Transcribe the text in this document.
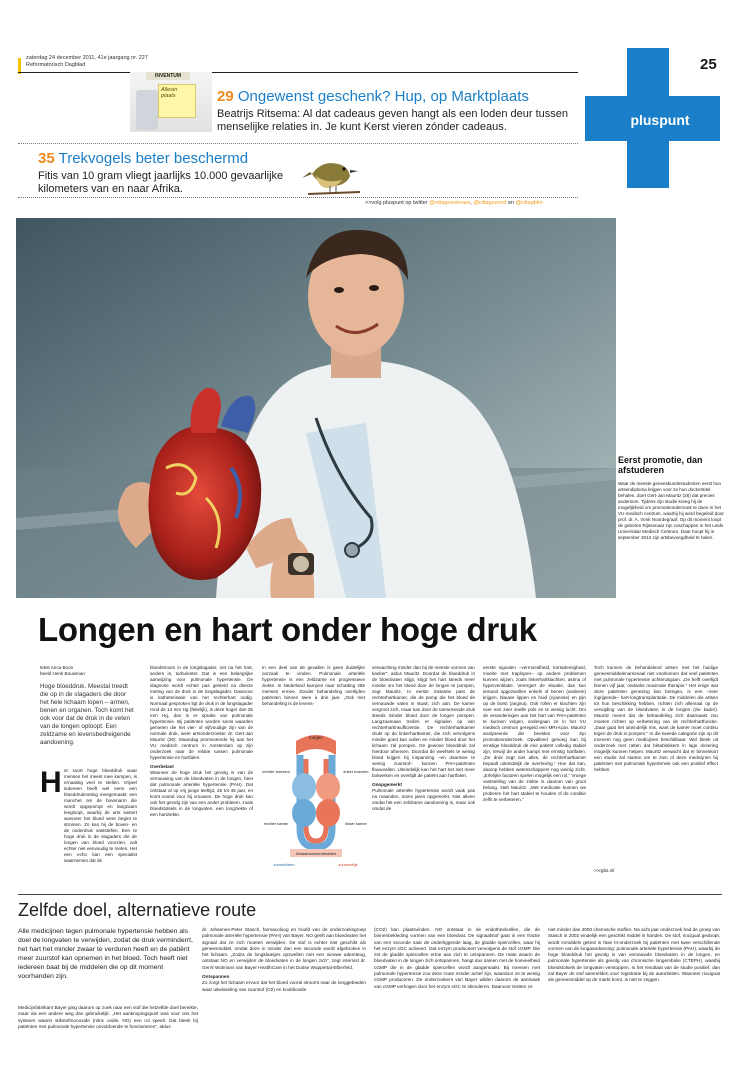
zaterdag 24 december 2011, 41e jaargang nr. 227
Reformatorisch Dagblad	25
pluspunt
INVENTUM
Allesin plaats	29 Ongewenst geschenk? Hup, op Marktplaats
Beatrijs Ritsema: Al dat cadeaus geven hangt als een loden deur tussen menselijke relaties in. Je kunt Kerst vieren zónder cadeaus.
35 Trekvogels beter beschermd
Fitis van 10 gram vliegt jaarlijks 10.000 gevaarlijke kilometers van en naar Afrika.
>>volg pluspunt op twitter @rdtagesnieuws, @rdtagezond en @rdtagblm
Eerst promotie, dan afstuderen
Waar de meeste geneeskundestudenten eerst hun artsendiploma krijgen voor ze hun doctorstitel behalen, doet Gert-Jan Mauritz (26) dat precies andersom. Tijdens zijn studie kreeg hij de mogelijkheid om promotieonderzoek te doen in het VU medisch centrum, waarbij hij werd begeleid door prof. dr. A. Vonk Noordegraaf. Op dit moment loopt de geboren Rijssenaar zijn coschappen in het Leids Universitair Medisch Centrum. Daar hoopt hij in september 2012 zijn artsbevoegdheid te halen.
Longen en hart onder hoge druk
tekst Anca Boon
beeld Henk Bouwman
Hoge bloeddruk. Meestal treedt die op in de slagaders die door het hele lichaam lopen – armen, benen en organen. Toch komt het ook voor dat de druk in de veten van de longen oploopt. Een zeldzame en levensbedreigende aandoening.
H et soort hoge bloeddruk waar mensen het meest mee kampen, is ernaastig veel te stellen. Vrijwel iedereen heeft wel eens een bloeddrukmeting meegemaakt: een manchet om de bovenarm die wordt opgepompt en langzaam leegloopt, waarbij de arts luistert wanneer het bloed weer begint te stromen. Zo kan hij de boven- en de onderdruk vaststellen. Een te hoge druk in de slagaders die de longen van bloed voorzien, valt echter niet eenvoudig te meten. Het een echo kan een specialist waarnemen dat de
bloedstroom in de longslagader, net na het hart, anders is, turbulenter. Dat is een belangrijke aanwijzing voor pulmonale hypertensie. De diagnose wordt echter pas gesteld na directe meting van de druk in de longslagader. Daarvoor is katheterisatie van het rechterhart nodig. Normaal gesproken ligt de druk in de longslagader rond de 14 mm Hg (feitelijk), is deze hoger dan 25 mm Hg, dan is er sprake van pulmonale hypertensie. Bij patiënten worden soms waarden gemeten die het vier- of vijfvoudige zijn van de normale druk, weet artsonderzoeker dr. Gert-Jan Mauritz (26). Maandag promoveerde hij aan het VU medisch centrum in Amsterdam op zijn onderzoek naar de relatie tussen pulmonale hypertensie en hartfalen.
Overbelast
Wanneer de hoge druk het gevolg is van de vernauwing van de bloedvaten in de longen, heet dat pulmonale arteriële hypertensie (PAH). Dat ontstaat al op vrij jonge leeftijd, 25 tot 45 jaar, en komt vooral voor bij vrouwen. De hoge druk kan ook het gevolg zijn van een ander probleem, zoals bloedstolsels in de longvaten, een longziekte of een hartziekte.
In een deel van de gevallen is geen duidelijke oorzaak te vinden. Pulmonale arteriële hypertensie is een zeldzame en progressieve ziekte. In Nederland kampen naar schatting 255 mensen ermee. Zonder behandeling overlijden patiënten binnen twee à drie jaar. „Ook met behandeling is de levens-
longen
rechter boezem	linker boezem
rechter kamer	linker kamer
lichaamsvenenbedden
zuurstofarm	zuurstofrijk
verwachting minder dan bij de meeste vormen van kanker”, aldus Mauritz. Doordat de bloeddruk in de bloedvaten stijgt, krijgt het hart steeds meer moeite om het bloed door de longen te pompen, zegt Mauritz. In eerste instantie past de rechterhartkamer, die de pomp die het bloed de vernauwde vaten in stuwt, zich aan. De kamer vergroot zich, maar kan door de toenemende druk steeds minder bloed door de longen pompen. Langzaamaan treden er signalen op van rechterhartinsufficiëntie. De rechterhartkamer drukt op de linkerhartkamer, die zich vervolgens minder goed kan vullen en minder bloed door het lichaam zal pompen. De gewone bloeddruk zal hierdoor afnemen. Doordat de weefsels te weinig bloed krijgen bij inspanning –en daarmee te weinig zuurstof– kunnen PAH-patiënten flauwvallen. Uiteindelijk kan het hart het niet meer bolwerken en overlijdt de patiënt aan hartfalen.
Onopgemerkt
Pulmonale arteriële hypertensie wordt vaak pas na maanden, soms jaren opgemerkt. Niet alleen omdat het een zeldzame aandoening is, maar ook omdat de
eerste signalen –vermoeidheid, kortademigheid, moeite met traplopen– op andere problemen kunnen wijzen, zoals linkerhartklachten, astma of hyperventilatie. Verergert de situatie, dan kan iemand opgezwollen enkels of benen (oedeem) krijgen, blauwe lippen en huid (cyanose) en pijn op de borst (angina). Ook rollen er klachten zijn over een zeer snelle pols en te weinig lucht. Om de veranderingen aan het hart van PAH-patiënten te kunnen volgen, ondergaan ze in het VU medisch centrum geregeld een MRI-scan. Mauritz analyseerde die beelden voor zijn promotieonderzoek. Opvallend genoeg kan bij ernstige bloeddruk de ene patiënt volledig stabiel zijn, terwijl de ander kampt met ernstig hartfalen. „De druk zegt niet alles, de rechterhartkamer bepaalt uiteindelijk de overleving.” Hoe dat kan, daarop hebben wetenschappers nog weinig zicht. „Erfelijke factoren spelen mogelijk een rol.” Vroege vaststelling van de ziekte is daarom van groot belang, stelt Mauritz. „Met medicatie kunnen we proberen het hart stabiel te houden of de conditie zelfs te verbeteren.”
Toch kunnen de behandelend artsen met het huidige geneesmiddelenarsenaal niet voorkomen dat veel patiënten met pulmonale hypertensie achteruitgaan. „De helft overlijdt binnen vijf jaar, ondanks maximale therapie.” Het enige wat deze patiënten genezing kan brengen, is een –zeer ingrijpende– hart-longtransplantatie. De middelen die artsen tot hun beschikking hebben, richten zich allemaal op de verwijding van de bloedvaten in de longen (zie kader). Mauritz meent dat de behandeling zich daarnaast zou moeten richten op verbetering van de rechterhartfunctie. „Daar gaat het uiteindelijk mis, want de kamer moet continu tegen de druk in pompen.” In die tweede categorie zijn op dit moment nog geen medicijnen beschikbaar. Wel bleek uit onderzoek met ratten dat bètablokkers in lage dosering mogelijk kunnen helpen. Mauritz verwacht dat er binnenkort een studie zal starten om te zien of deze medicijnen bij patiënten met pulmonale hypertensie ook een positief effect hebben.
>>rgbs.nl/
Zelfde doel, alternatieve route
Alle medicijnen tegen pulmonale hypertensie hebben als doel de longvaten te verwijden, zodat de druk verminderrt, het hart het minder zwaar te verduren heeft en de patiënt meer zuurstof kan opnemen in het bloed. Toch heeft niet iedereen baat bij de middelen die op dit moment voorhanden zijn.
Medicijnfabrikant Bayer ging daarom op zoek naar een stof die hetzelfde doel bereikte, maar via een andere weg dan gebruikelijk. „Het aanknopingspunt was voor ons het systeem waarin stikstofmonoxide (nitric oxide, NO) een rol speelt. Dat bleek bij patiënten met pulmonale hypertensie onvoldoende te functioneren”, aldus
dr. Johannes-Peter Stasch, farmacoloog en hoofd van de onderzoeksgroep pulmonale arteriële hypertensie (PAH) van Bayer. NO geeft aan bloedvaten het signaal dat ze zich moeten verwijden. De stof is echter niet geschikt als geneesmiddel, omdat deze in minder dan een seconde wordt afgebroken in het lichaam. „Zodra de longklaasjes opzwellen met een nieuwe ademteug, ontstaat NO en verwijden de bloedvaten in de longen zich”, zegt internist dr. Gerrit Wolmans van Bayer HealthCare in het Duitse Wuppertal-Elberfeld.
Ontspannen
Zo zorgt het lichaam ervoor dat het bloed vooral stroomt naar de longgebieden waar uitwisseling van zuurstof (O2) en kooldioxide
(CO2) kan plaatsvinden. NO ontstaat in de endotheelcellen, die de binnenbekleding vormen van een bloedvat. De signaalstof gaat in een fractie van een seconde naar de onderliggende laag, de gladde spiercellen, waar hij het enzym sGC activeert. Dat enzym produceert vervolgens de stof cGMP. Die zet de gladde spiercellen ertoe aan zich te ontspannen. De mate waarin de bloedvaten in de longen zich ontspannen, hangt dus samen met de hoeveelheid cGMP die in de gladde spiercellen wordt aangemaakt. Bij mensen met pulmonale hypertensie zou deze route minder actief zijn, waardoor ze te weinig cGMP produceren. De onderzoekers van Bayer wilden daarom de aanmaak van cGMP verhogen door het enzym sGC te stimuleren. Daarvoor testten ze
niet minder dan 4000 chemische stoffen. Na acht jaar onderzoek had de groep van Stasch in 2002 eindelijk een geschikt middel in handen. De stof, riociguat gedoopt, wordt inmiddels getest in fase III-onderzoek bij patiënten met twee verschillende vormen van de longaandoening: pulmonale arteriële hypertensie (PAH), waarbij de hoge bloeddruk het gevolg is van vernauwde bloedvaten in de longen, en pulmonale hypertensie als gevolg van chronische longembolie (CTEPH), waarbij bloedstolsels de longvaten verstoppen. Is het resultaat van de studie positief, dan zal Bayer de stof aanmelden voor registratie bij de autoriteiten. Wanneer riociguat als geneesmiddel op de markt komt, is niet te zeggen.
